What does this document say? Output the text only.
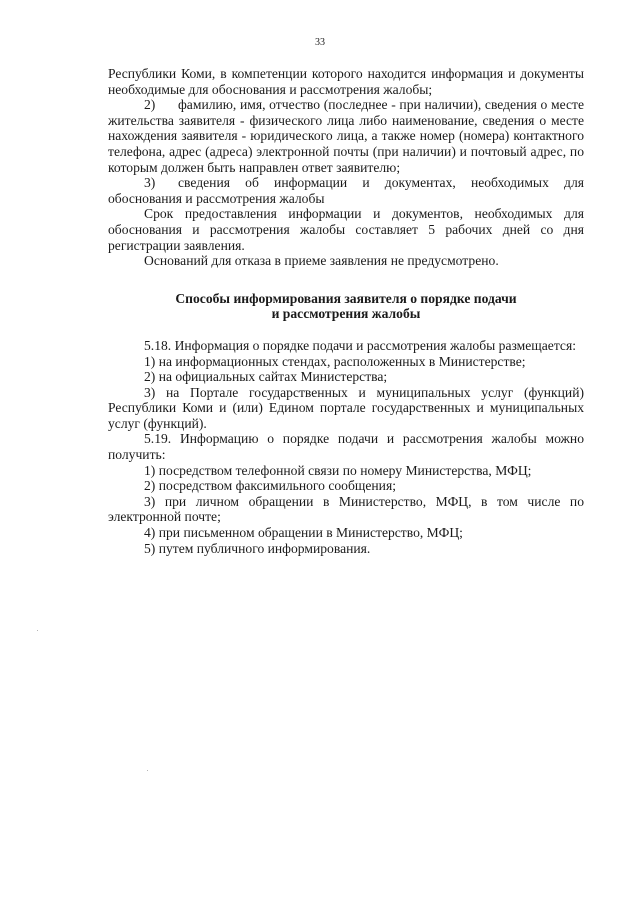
33

Республики Коми, в компетенции которого находится информация и документы необходимые для обоснования и рассмотрения жалобы;

2) фамилию, имя, отчество (последнее - при наличии), сведения о месте жительства заявителя - физического лица либо наименование, сведения о месте нахождения заявителя - юридического лица, а также номер (номера) контактного телефона, адрес (адреса) электронной почты (при наличии) и почтовый адрес, по которым должен быть направлен ответ заявителю;

3) сведения об информации и документах, необходимых для обоснования и рассмотрения жалобы

Срок предоставления информации и документов, необходимых для обоснования и рассмотрения жалобы составляет 5 рабочих дней со дня регистрации заявления.

Оснований для отказа в приеме заявления не предусмотрено.

Способы информирования заявителя о порядке подачи
и рассмотрения жалобы

5.18. Информация о порядке подачи и рассмотрения жалобы размещается:

1) на информационных стендах, расположенных в Министерстве;

2) на официальных сайтах Министерства;

3) на Портале государственных и муниципальных услуг (функций) Республики Коми и (или) Едином портале государственных и муниципальных услуг (функций).

5.19. Информацию о порядке подачи и рассмотрения жалобы можно получить:

1) посредством телефонной связи по номеру Министерства, МФЦ;

2) посредством факсимильного сообщения;

3) при личном обращении в Министерство, МФЦ, в том числе по электронной почте;

4) при письменном обращении в Министерство, МФЦ;

5) путем публичного информирования.
